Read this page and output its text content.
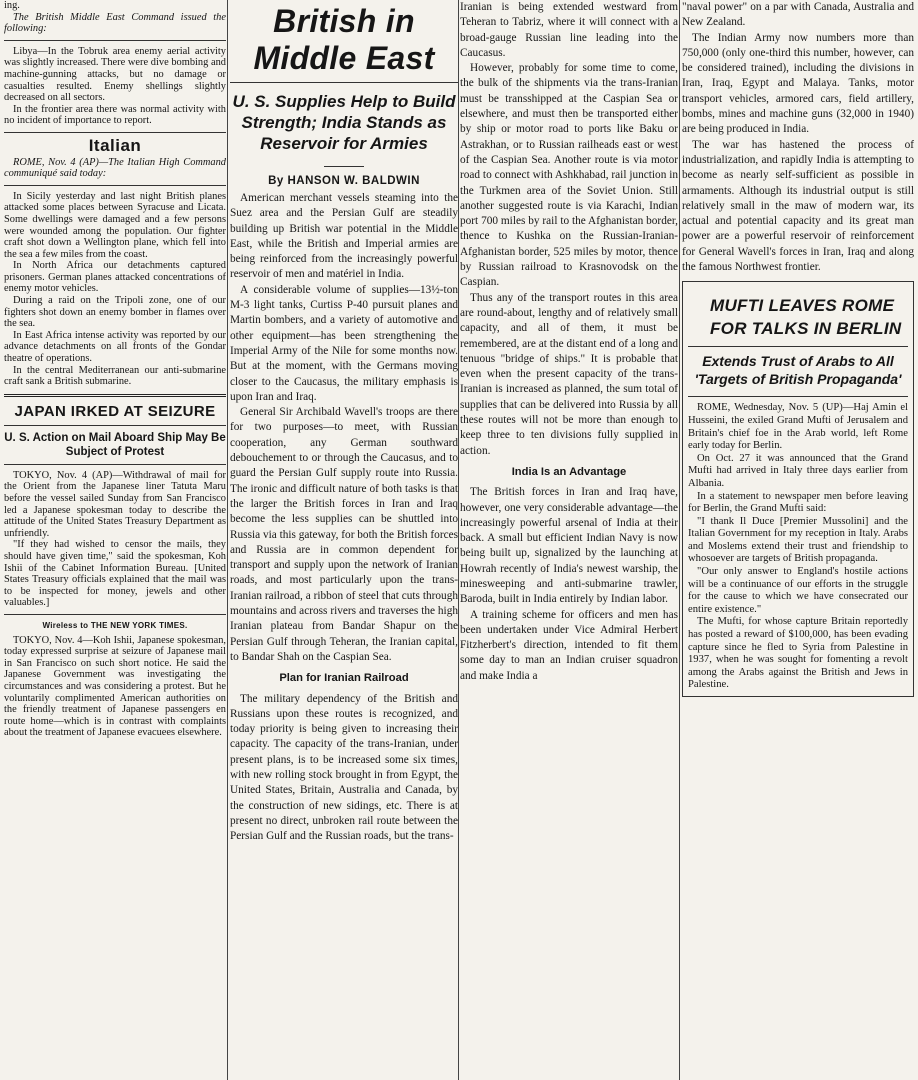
ing.

The British Middle East Command issued the following:

Libya—In the Tobruk area enemy aerial activity was slightly increased. There were dive bombing and machine-gunning attacks, but no damage or casualties resulted. Enemy shellings slightly decreased on all sectors.

In the frontier area there was normal activity with no incident of importance to report.

Italian

ROME, Nov. 4 (AP)—The Italian High Command communiqué said today:

In Sicily yesterday and last night British planes attacked some places between Syracuse and Licata. Some dwellings were damaged and a few persons were wounded among the population. Our fighter craft shot down a Wellington plane, which fell into the sea a few miles from the coast.

In North Africa our detachments captured prisoners. German planes attacked concentrations of enemy motor vehicles.

During a raid on the Tripoli zone, one of our fighters shot down an enemy bomber in flames over the sea.

In East Africa intense activity was reported by our advance detachments on all fronts of the Gondar theatre of operations.

In the central Mediterranean our anti-submarine craft sank a British submarine.

JAPAN IRKED AT SEIZURE
U. S. Action on Mail Aboard Ship May Be Subject of Protest

TOKYO, Nov. 4 (AP)—Withdrawal of mail for the Orient from the Japanese liner Tatuta Maru before the vessel sailed Sunday from San Francisco led a Japanese spokesman today to describe the attitude of the United States Treasury Department as unfriendly.

"If they had wished to censor the mails, they should have given time," said the spokesman, Koh Ishii of the Cabinet Information Bureau. [United States Treasury officials explained that the mail was to be inspected for money, jewels and other valuables.]

Wireless to THE NEW YORK TIMES.

TOKYO, Nov. 4—Koh Ishii, Japanese spokesman, today expressed surprise at seizure of Japanese mail in San Francisco on such short notice. He said the Japanese Government was investigating the circumstances and was considering a protest. But he voluntarily complimented American authorities on the friendly treatment of Japanese passengers en route home—which is in contrast with complaints about the treatment of Japanese evacuees elsewhere.

British in Middle East
U. S. Supplies Help to Build Strength; India Stands as Reservoir for Armies
By HANSON W. BALDWIN

American merchant vessels steaming into the Suez area and the Persian Gulf are steadily building up British war potential in the Middle East, while the British and Imperial armies are being reinforced from the increasingly powerful reservoir of men and matériel in India.

A considerable volume of supplies—13½-ton M-3 light tanks, Curtiss P-40 pursuit planes and Martin bombers, and a variety of automotive and other equipment—has been strengthening the Imperial Army of the Nile for some months now. But at the moment, with the Germans moving closer to the Caucasus, the military emphasis is upon Iran and Iraq.

General Sir Archibald Wavell's troops are there for two purposes—to meet, with Russian cooperation, any German southward debouchement to or through the Caucasus, and to guard the Persian Gulf supply route into Russia. The ironic and difficult nature of both tasks is that the larger the British forces in Iran and Iraq become the less supplies can be shuttled into Russia via this gateway, for both the British forces and Russia are in common dependent for transport and supply upon the network of Iranian roads, and most particularly upon the trans-Iranian railroad, a ribbon of steel that cuts through mountains and across rivers and traverses the high Iranian plateau from Bandar Shapur on the Persian Gulf through Teheran, the Iranian capital, to Bandar Shah on the Caspian Sea.

Plan for Iranian Railroad

The military dependency of the British and Russians upon these routes is recognized, and today priority is being given to increasing their capacity. The capacity of the trans-Iranian, under present plans, is to be increased some six times, with new rolling stock brought in from Egypt, the United States, Britain, Australia and Canada, by the construction of new sidings, etc. There is at present no direct, unbroken rail route between the Persian Gulf and the Russian roads, but the trans-

Iranian is being extended westward from Teheran to Tabriz, where it will connect with a broad-gauge Russian line leading into the Caucasus.

However, probably for some time to come, the bulk of the shipments via the trans-Iranian must be transshipped at the Caspian Sea or elsewhere, and must then be transported either by ship or motor road to ports like Baku or Astrakhan, or to Russian railheads east or west of the Caspian Sea. Another route is via motor road to connect with Ashkhabad, rail junction in the Turkmen area of the Soviet Union. Still another suggested route is via Karachi, Indian port 700 miles by rail to the Afghanistan border, thence to Kushka on the Russian-Iranian-Afghanistan border, 525 miles by motor, thence by Russian railroad to Krasnovodsk on the Caspian.

Thus any of the transport routes in this area are round-about, lengthy and of relatively small capacity, and all of them, it must be remembered, are at the distant end of a long and tenuous "bridge of ships." It is probable that even when the present capacity of the trans-Iranian is increased as planned, the sum total of supplies that can be delivered into Russia by all these routes will not be more than enough to keep three to ten divisions fully supplied in action.

India Is an Advantage

The British forces in Iran and Iraq have, however, one very considerable advantage—the increasingly powerful arsenal of India at their back. A small but efficient Indian Navy is now being built up, signalized by the launching at Howrah recently of India's newest warship, the minesweeping and anti-submarine trawler, Baroda, built in India entirely by Indian labor.

A training scheme for officers and men has been undertaken under Vice Admiral Herbert Fitzherbert's direction, intended to fit them some day to man an Indian cruiser squadron and make India a

"naval power" on a par with Canada, Australia and New Zealand.

The Indian Army now numbers more than 750,000 (only one-third this number, however, can be considered trained), including the divisions in Iran, Iraq, Egypt and Malaya. Tanks, motor transport vehicles, armored cars, field artillery, bombs, mines and machine guns (32,000 in 1940) are being produced in India.

The war has hastened the process of industrialization, and rapidly India is attempting to become as nearly self-sufficient as possible in armaments. Although its industrial output is still relatively small in the maw of modern war, its actual and potential capacity and its great man power are a powerful reservoir of reinforcement for General Wavell's forces in Iran, Iraq and along the famous Northwest frontier.

MUFTI LEAVES ROME
FOR TALKS IN BERLIN
Extends Trust of Arabs to All 'Targets of British Propaganda'

ROME, Wednesday, Nov. 5 (UP)—Haj Amin el Husseini, the exiled Grand Mufti of Jerusalem and Britain's chief foe in the Arab world, left Rome early today for Berlin.

On Oct. 27 it was announced that the Grand Mufti had arrived in Italy three days earlier from Albania.

In a statement to newspaper men before leaving for Berlin, the Grand Mufti said:

"I thank Il Duce [Premier Mussolini] and the Italian Government for my reception in Italy. Arabs and Moslems extend their trust and friendship to whosoever are targets of British propaganda.

"Our only answer to England's hostile actions will be a continuance of our efforts in the struggle for the cause to which we have consecrated our entire existence."

The Mufti, for whose capture Britain reportedly has posted a reward of $100,000, has been evading capture since he fled to Syria from Palestine in 1937, when he was sought for fomenting a revolt among the Arabs against the British and Jews in Palestine.
